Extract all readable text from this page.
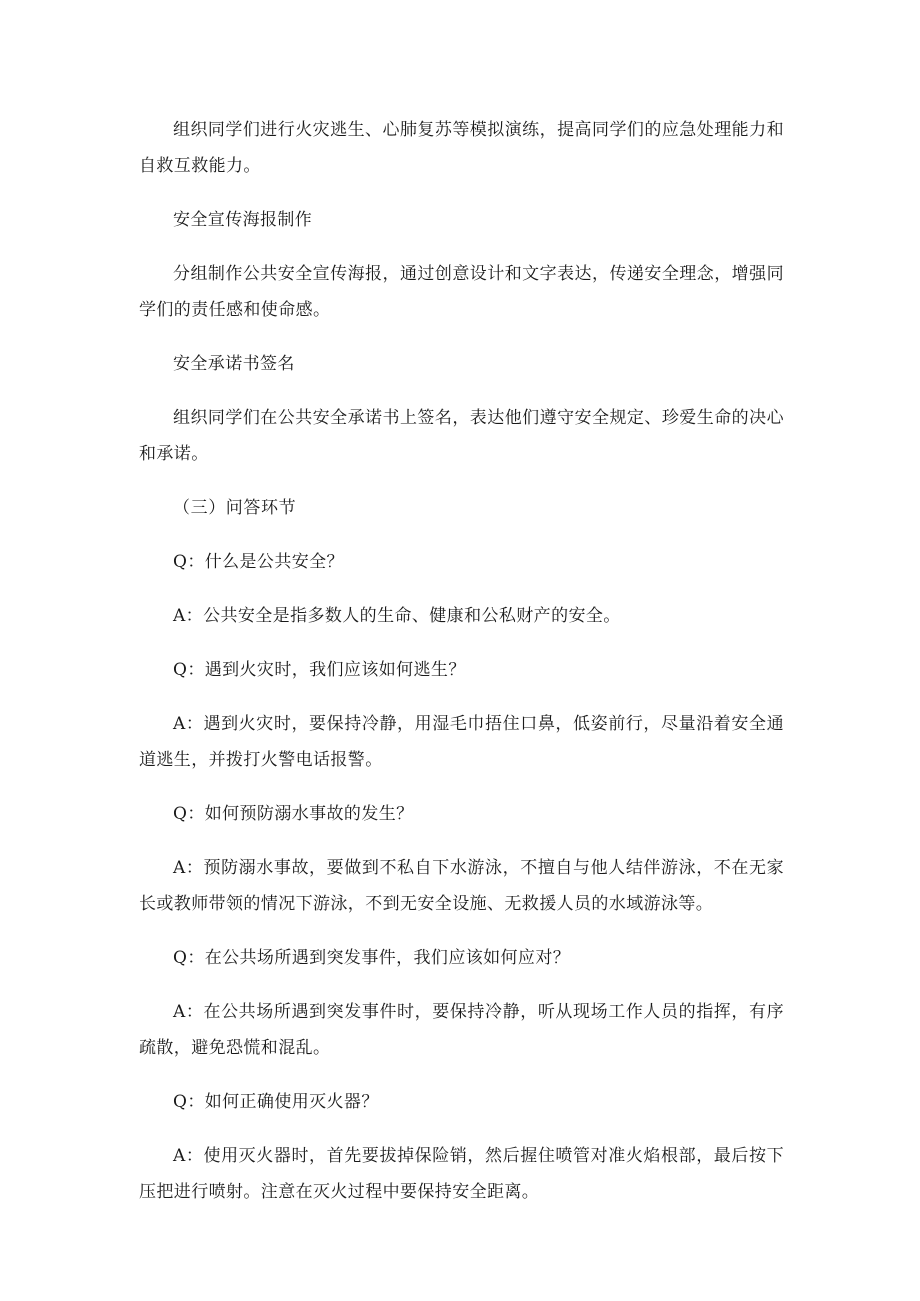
组织同学们进行火灾逃生、心肺复苏等模拟演练，提高同学们的应急处理能力和自救互救能力。

安全宣传海报制作

分组制作公共安全宣传海报，通过创意设计和文字表达，传递安全理念，增强同学们的责任感和使命感。

安全承诺书签名

组织同学们在公共安全承诺书上签名，表达他们遵守安全规定、珍爱生命的决心和承诺。

（三）问答环节

Q：什么是公共安全？

A：公共安全是指多数人的生命、健康和公私财产的安全。

Q：遇到火灾时，我们应该如何逃生？

A：遇到火灾时，要保持冷静，用湿毛巾捂住口鼻，低姿前行，尽量沿着安全通道逃生，并拨打火警电话报警。

Q：如何预防溺水事故的发生？

A：预防溺水事故，要做到不私自下水游泳，不擅自与他人结伴游泳，不在无家长或教师带领的情况下游泳，不到无安全设施、无救援人员的水域游泳等。

Q：在公共场所遇到突发事件，我们应该如何应对？

A：在公共场所遇到突发事件时，要保持冷静，听从现场工作人员的指挥，有序疏散，避免恐慌和混乱。

Q：如何正确使用灭火器？

A：使用灭火器时，首先要拔掉保险销，然后握住喷管对准火焰根部，最后按下压把进行喷射。注意在灭火过程中要保持安全距离。
